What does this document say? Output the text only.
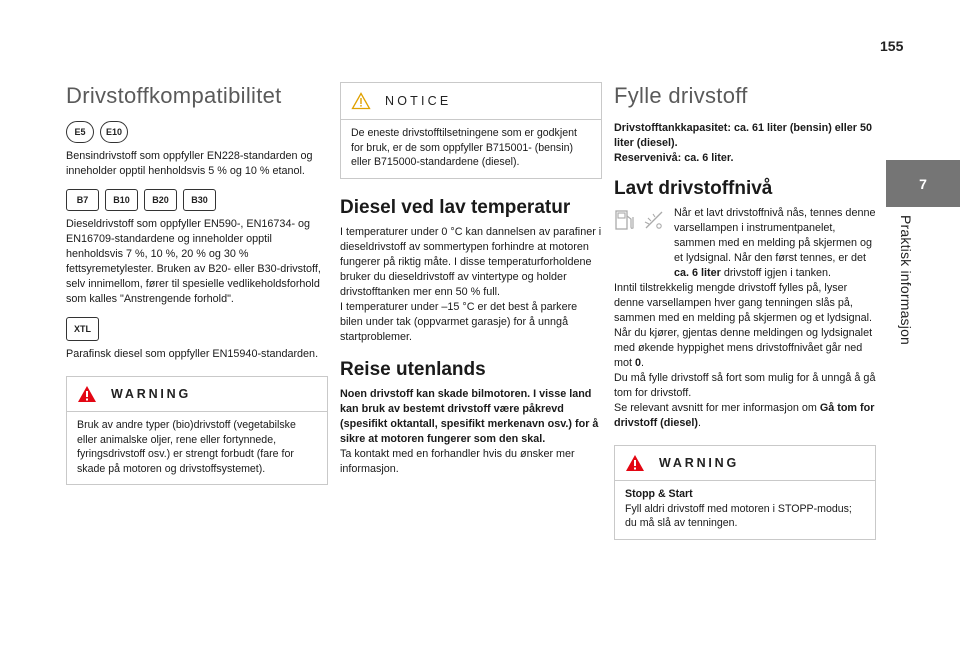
155
7
Praktisk informasjon
Drivstoffkompatibilitet
E5	E10

Bensindrivstoff som oppfyller EN228-standarden og inneholder opptil henholdsvis 5 % og 10 % etanol.

B7	B10	B20	B30

Dieseldrivstoff som oppfyller EN590-, EN16734- og EN16709-standardene og inneholder opptil henholdsvis 7 %, 10 %, 20 % og 30 % fettsyremetylester. Bruken av B20- eller B30-drivstoff, selv innimellom, fører til spesielle vedlikeholdsforhold som kalles "Anstrengende forhold".

XTL

Parafinsk diesel som oppfyller EN15940-standarden.

WARNING

Bruk av andre typer (bio)drivstoff (vegetabilske eller animalske oljer, rene eller fortynnede, fyringsdrivstoff osv.) er strengt forbudt (fare for skade på motoren og drivstoffsystemet).

NOTICE

De eneste drivstofftilsetningene som er godkjent for bruk, er de som oppfyller B715001- (bensin) eller B715000-standardene (diesel).

Diesel ved lav temperatur

I temperaturer under 0 °C kan dannelsen av parafiner i dieseldrivstoff av sommertypen forhindre at motoren fungerer på riktig måte. I disse temperaturforholdene bruker du dieseldrivstoff av vintertype og holder drivstofftanken mer enn 50 % full.
I temperaturer under –15 °C er det best å parkere bilen under tak (oppvarmet garasje) for å unngå startproblemer.

Reise utenlands

Noen drivstoff kan skade bilmotoren. I visse land kan bruk av bestemt drivstoff være påkrevd (spesifikt oktantall, spesifikt merkenavn osv.) for å sikre at motoren fungerer som den skal.

Ta kontakt med en forhandler hvis du ønsker mer informasjon.

Fylle drivstoff

Drivstofftankkapasitet: ca. 61 liter (bensin) eller 50 liter (diesel).

Reservenivå: ca. 6 liter.

Lavt drivstoffnivå

Når et lavt drivstoffnivå nås, tennes denne varsellampen i instrumentpanelet, sammen med en melding på skjermen og et lydsignal. Når den først tennes, er det ca. 6 liter drivstoff igjen i tanken.

Inntil tilstrekkelig mengde drivstoff fylles på, lyser denne varsellampen hver gang tenningen slås på, sammen med en melding på skjermen og et lydsignal. Når du kjører, gjentas denne meldingen og lydsignalet med økende hyppighet mens drivstoffnivået går ned mot 0.

Du må fylle drivstoff så fort som mulig for å unngå å gå tom for drivstoff.

Se relevant avsnitt for mer informasjon om Gå tom for drivstoff (diesel).

WARNING

Stopp & Start

Fyll aldri drivstoff med motoren i STOPP-modus; du må slå av tenningen.
